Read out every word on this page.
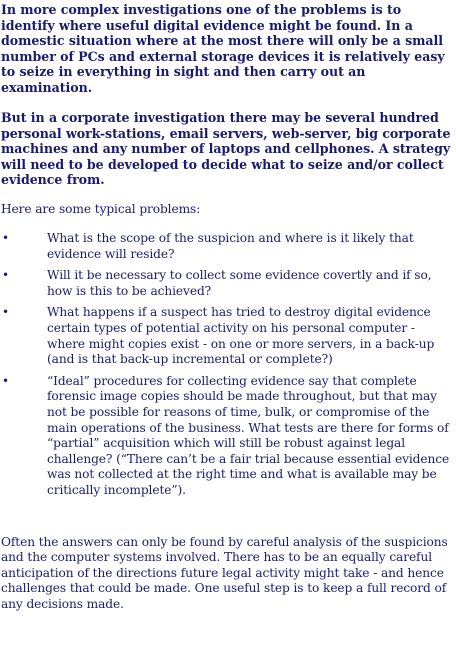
In more complex investigations one of the problems is to identify where useful digital evidence might be found. In a domestic situation where at the most there will only be a small number of PCs and external storage devices it is relatively easy to seize in everything in sight and then carry out an examination.

But in a corporate investigation there may be several hundred personal work-stations, email servers, web-server, big corporate machines and any number of laptops and cellphones. A strategy will need to be developed to decide what to seize and/or collect evidence from.

Here are some typical problems:

•	What is the scope of the suspicion and where is it likely that evidence will reside?
•	Will it be necessary to collect some evidence covertly and if so, how is this to be achieved?
•	What happens if a suspect has tried to destroy digital evidence certain types of potential activity on his personal computer - where might copies exist - on one or more servers, in a back-up (and is that back-up incremental or complete?)
•	“Ideal” procedures for collecting evidence say that complete forensic image copies should be made throughout, but that may not be possible for reasons of time, bulk, or compromise of the main operations of the business. What tests are there for forms of “partial” acquisition which will still be robust against legal challenge? (“There can’t be a fair trial because essential evidence was not collected at the right time and what is available may be critically incomplete”).

Often the answers can only be found by careful analysis of the suspicions and the computer systems involved. There has to be an equally careful anticipation of the directions future legal activity might take - and hence challenges that could be made. One useful step is to keep a full record of any decisions made.
